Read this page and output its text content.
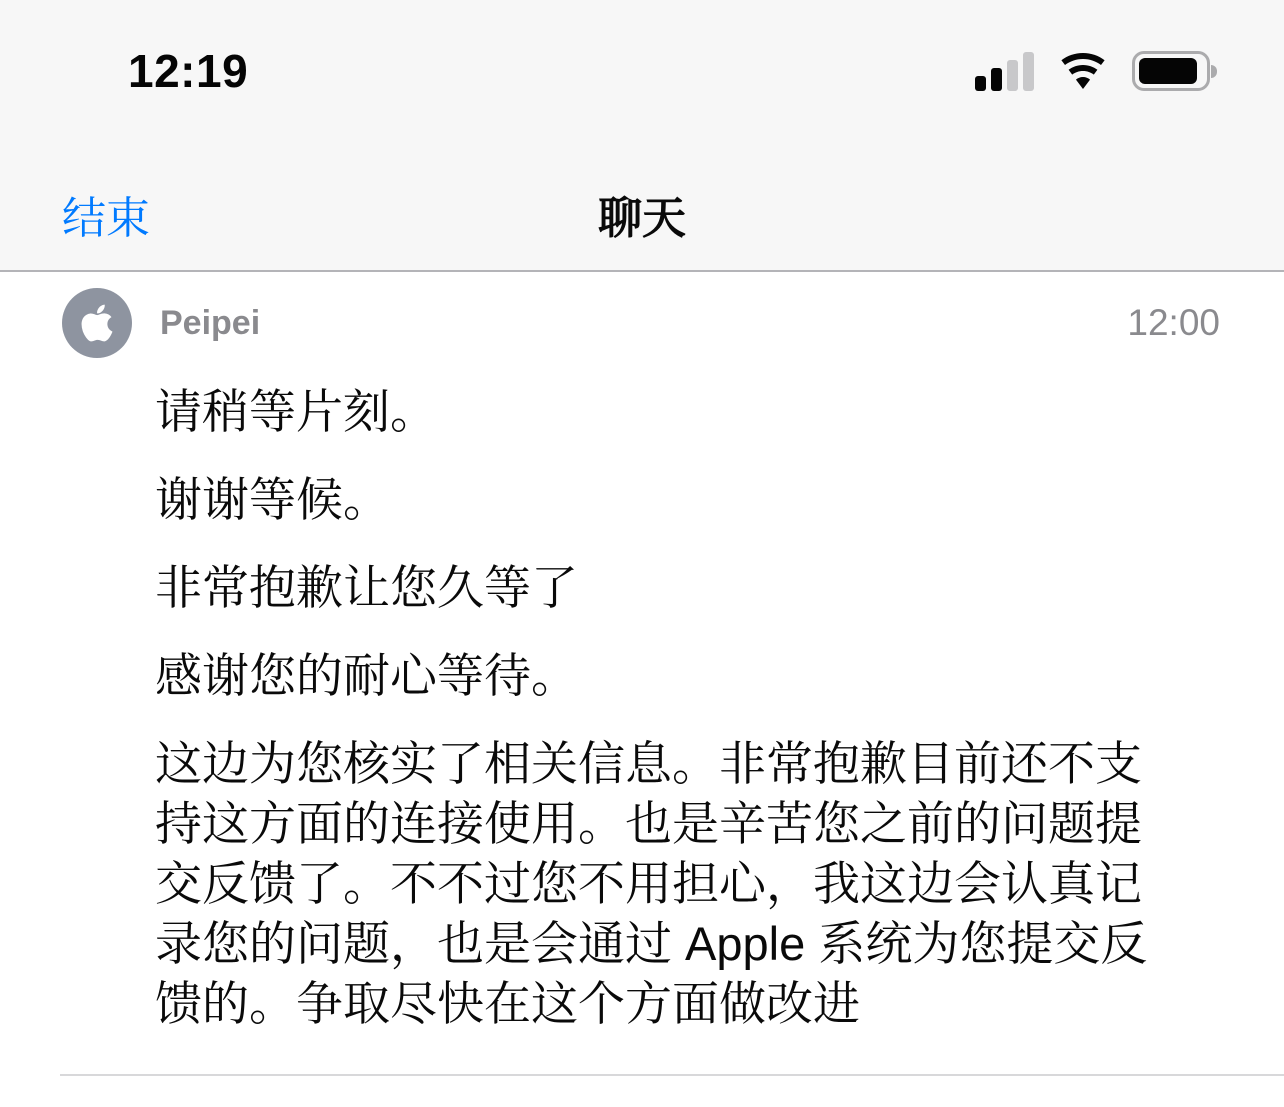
12:19
结束	聊天
Peipei	12:00
请稍等片刻。
谢谢等候。
非常抱歉让您久等了
感谢您的耐心等待。
这边为您核实了相关信息。非常抱歉目前还不支
持这方面的连接使用。也是辛苦您之前的问题提
交反馈了。不不过您不用担心，我这边会认真记
录您的问题，也是会通过 Apple 系统为您提交反
馈的。争取尽快在这个方面做改进
